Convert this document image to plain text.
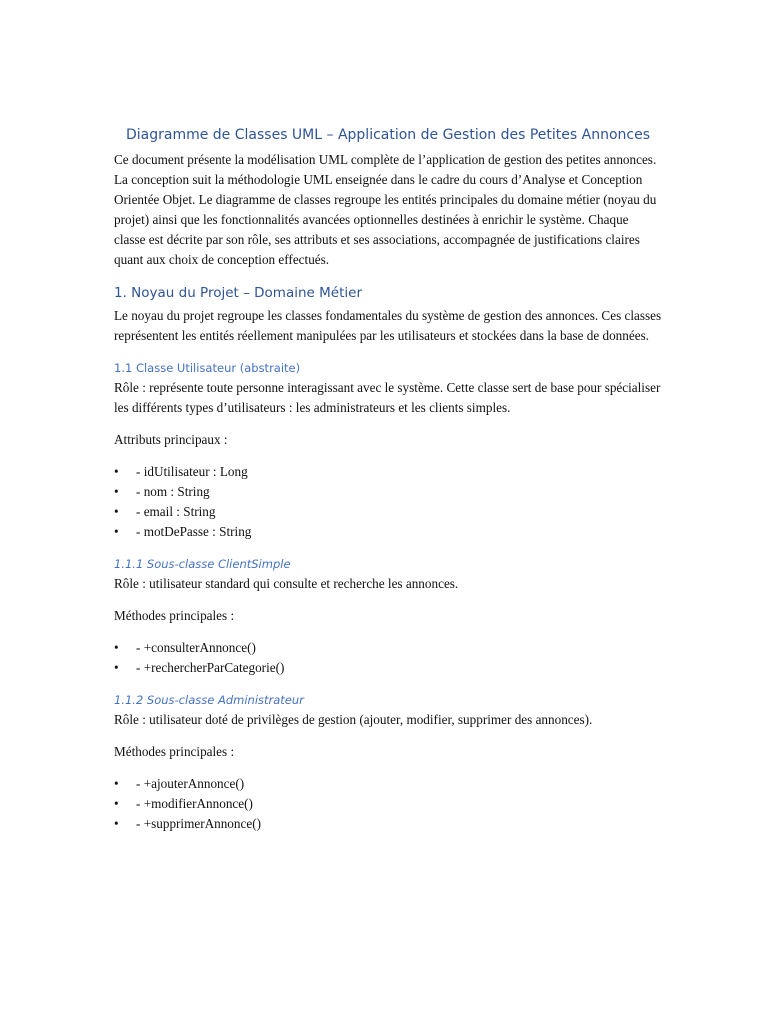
Diagramme de Classes UML – Application de Gestion des Petites Annonces

Ce document présente la modélisation UML complète de l’application de gestion des petites annonces. La conception suit la méthodologie UML enseignée dans le cadre du cours d’Analyse et Conception Orientée Objet. Le diagramme de classes regroupe les entités principales du domaine métier (noyau du projet) ainsi que les fonctionnalités avancées optionnelles destinées à enrichir le système. Chaque classe est décrite par son rôle, ses attributs et ses associations, accompagnée de justifications claires quant aux choix de conception effectués.

1. Noyau du Projet – Domaine Métier

Le noyau du projet regroupe les classes fondamentales du système de gestion des annonces. Ces classes représentent les entités réellement manipulées par les utilisateurs et stockées dans la base de données.

1.1 Classe Utilisateur (abstraite)

Rôle : représente toute personne interagissant avec le système. Cette classe sert de base pour spécialiser les différents types d’utilisateurs : les administrateurs et les clients simples.

Attributs principaux :

• - idUtilisateur : Long
• - nom : String
• - email : String
• - motDePasse : String
1.1.1 Sous-classe ClientSimple

Rôle : utilisateur standard qui consulte et recherche les annonces.

Méthodes principales :

• - +consulterAnnonce()
• - +rechercherParCategorie()
1.1.2 Sous-classe Administrateur

Rôle : utilisateur doté de privilèges de gestion (ajouter, modifier, supprimer des annonces).

Méthodes principales :

• - +ajouterAnnonce()
• - +modifierAnnonce()
• - +supprimerAnnonce()
